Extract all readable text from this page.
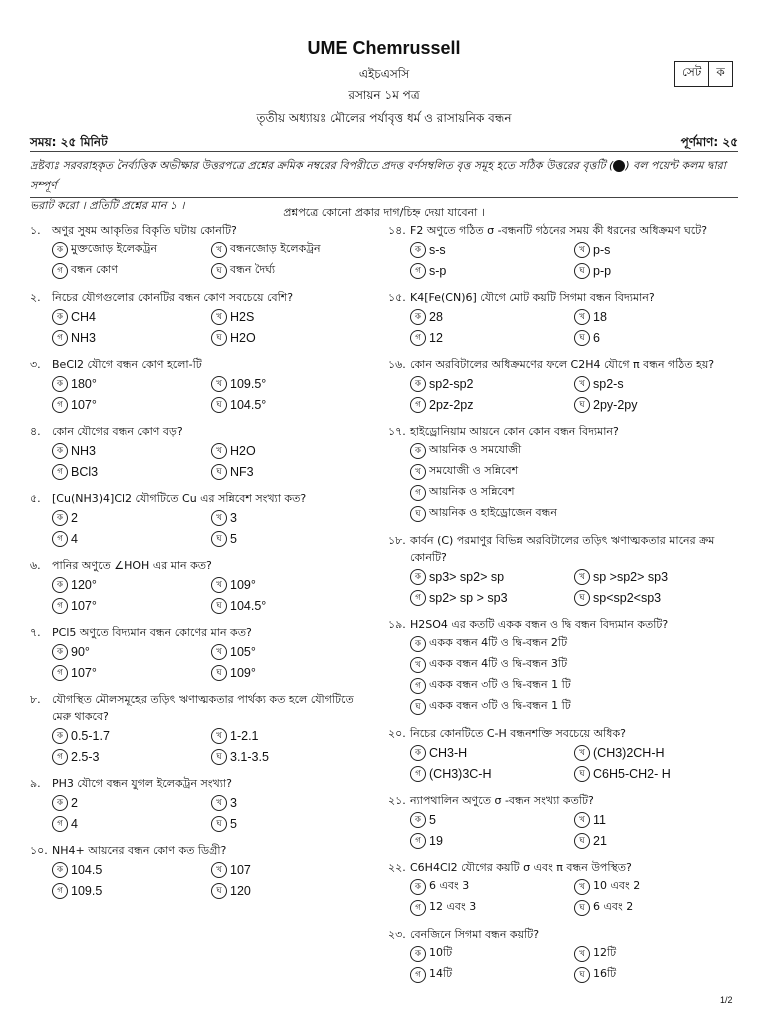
UME Chemrussell
এইচএসসি
রসায়ন ১ম পত্র
তৃতীয় অধ্যায়ঃ মৌলের পর্যাবৃত্ত ধর্ম ও রাসায়নিক বন্ধন
সেট	ক
সময়: ২৫ মিনিট	পূর্ণমাণ: ২৫
দ্রষ্টব্যঃ সরবরাহকৃত নৈর্ব্যত্তিক অভীক্ষার উত্তরপত্রে প্রশ্নের ক্রমিক নম্বরের বিপরীতে প্রদত্ত বর্ণসম্বলিত বৃত্ত সমূহ হতে সঠিক উত্তরের বৃত্তটি ( ) বল পয়েন্ট কলম দ্বারা সম্পূর্ণ
ভরাট করো । প্রতিটি প্রশ্নের মান ১ ।
প্রশ্নপত্রে কোনো প্রকার দাগ/চিহ্ন দেয়া যাবেনা ।
১.	অণুর সুষম আকৃতির বিকৃতি ঘটায় কোনটি?
ক মুক্তজোড় ইলেকট্রন	খ বন্ধনজোড় ইলেকট্রন
গ বন্ধন কোণ	ঘ বন্ধন দৈর্ঘ্য
২.	নিচের যৌগগুলোর কোনটির বন্ধন কোণ সবচেয়ে বেশি?
ক CH4	খ H2S
গ NH3	ঘ H2O
৩.	BeCl2 যৌগে বন্ধন কোণ হলো-টি
ক 180°	খ 109.5°
গ 107°	ঘ 104.5°
৪.	কোন যৌগের বন্ধন কোণ বড়?
ক NH3	খ H2O
গ BCl3	ঘ NF3
৫.	[Cu(NH3)4]Cl2 যৌগটিতে Cu এর সন্নিবেশ সংখ্যা কত?
ক 2	খ 3
গ 4	ঘ 5
৬.	পানির অণুতে ∠HOH এর মান কত?
ক 120°	খ 109°
গ 107°	ঘ 104.5°
৭.	PCl5 অণুতে বিদ্যমান বন্ধন কোণের মান কত?
ক 90°	খ 105°
গ 107°	ঘ 109°
৮.	যৌগস্থিত মৌলসমূহের তড়িৎ ঋণাত্মকতার পার্থক্য কত হলে যৌগটিতে মেরু থাকবে?
ক 0.5-1.7	খ 1-2.1
গ 2.5-3	ঘ 3.1-3.5
৯.	PH3 যৌগে বন্ধন যুগল ইলেকট্রন সংখ্যা?
ক 2	খ 3
গ 4	ঘ 5
১০. NH4+ আয়নের বন্ধন কোণ কত ডিগ্রী?
ক 104.5	খ 107
গ 109.5	ঘ 120
১৪. F2 অণুতে গঠিত σ -বন্ধনটি গঠনের সময় কী ধরনের অধিক্রমণ ঘটে?
ক s-s	খ p-s
গ s-p	ঘ p-p
১৫. K4[Fe(CN)6] যৌগে মোট কয়টি সিগমা বন্ধন বিদ্যমান?
ক 28	খ 18
গ 12	ঘ 6
১৬. কোন অরবিটালের অধিক্রমণের ফলে C2H4 যৌগে π বন্ধন গঠিত হয়?
ক sp2-sp2	খ sp2-s
গ 2pz-2pz	ঘ 2py-2py
১৭. হাইড্রোনিয়াম আয়নে কোন কোন বন্ধন বিদ্যমান?
ক আয়নিক ও সমযোজী
খ সমযোজী ও সন্নিবেশ
গ আয়নিক ও সন্নিবেশ
ঘ আয়নিক ও হাইড্রোজেন বন্ধন
১৮. কার্বন (C) পরমাণুর বিভিন্ন অরবিটালের তড়িৎ ঋণাত্মকতার মানের ক্রম কোনটি?
ক sp3> sp2> sp	খ sp >sp2> sp3
গ sp2> sp > sp3	ঘ sp<sp2<sp3
১৯. H2SO4 এর কতটি একক বন্ধন ও দ্বি বন্ধন বিদ্যমান কতটি?
ক একক বন্ধন 4টি ও দ্বি-বন্ধন 2টি
খ একক বন্ধন 4টি ও দ্বি-বন্ধন 3টি
গ একক বন্ধন ৩টি ও দ্বি-বন্ধন 1 টি
ঘ একক বন্ধন ৩টি ও দ্বি-বন্ধন 1 টি
২০. নিচের কোনটিতে C-H বন্ধনশক্তি সবচেয়ে অধিক?
ক CH3-H	খ (CH3)2CH-H
গ (CH3)3C-H	ঘ C6H5-CH2- H
২১. ন্যাপথালিন অণুতে σ -বন্ধন সংখ্যা কতটি?
ক 5	খ 11
গ 19	ঘ 21
২২. C6H4Cl2 যৌগের কয়টি σ এবং π বন্ধন উপস্থিত?
ক 6 এবং 3	খ 10 এবং 2
গ 12 এবং 3	ঘ 6 এবং 2
২৩. বেনজিনে সিগমা বন্ধন কয়টি?
ক 10টি	খ 12টি
গ 14টি	ঘ 16টি
1/2
